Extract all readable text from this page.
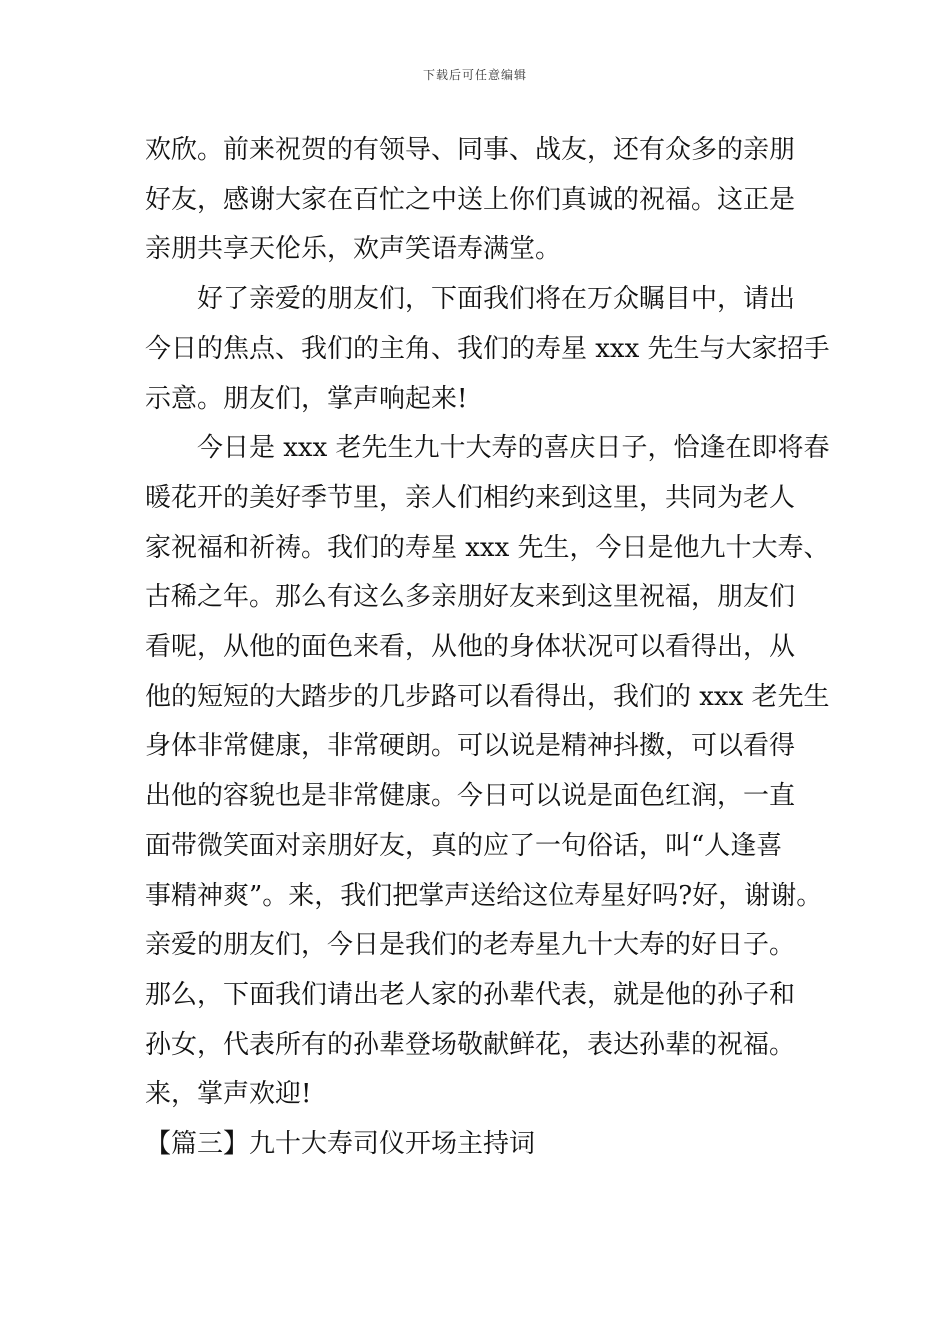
下载后可任意编辑
欢欣。前来祝贺的有领导、同事、战友，还有众多的亲朋
好友，感谢大家在百忙之中送上你们真诚的祝福。这正是
亲朋共享天伦乐，欢声笑语寿满堂。
好了亲爱的朋友们，下面我们将在万众瞩目中，请出
今日的焦点、我们的主角、我们的寿星 xxx 先生与大家招手
示意。朋友们，掌声响起来!
今日是 xxx 老先生九十大寿的喜庆日子，恰逢在即将春
暖花开的美好季节里，亲人们相约来到这里，共同为老人
家祝福和祈祷。我们的寿星 xxx 先生，今日是他九十大寿、
古稀之年。那么有这么多亲朋好友来到这里祝福，朋友们
看呢，从他的面色来看，从他的身体状况可以看得出，从
他的短短的大踏步的几步路可以看得出，我们的 xxx 老先生
身体非常健康，非常硬朗。可以说是精神抖擞，可以看得
出他的容貌也是非常健康。今日可以说是面色红润，一直
面带微笑面对亲朋好友，真的应了一句俗话，叫“人逢喜
事精神爽”。来，我们把掌声送给这位寿星好吗?好，谢谢。
亲爱的朋友们，今日是我们的老寿星九十大寿的好日子。
那么，下面我们请出老人家的孙辈代表，就是他的孙子和
孙女，代表所有的孙辈登场敬献鲜花，表达孙辈的祝福。
来，掌声欢迎!
【篇三】九十大寿司仪开场主持词
